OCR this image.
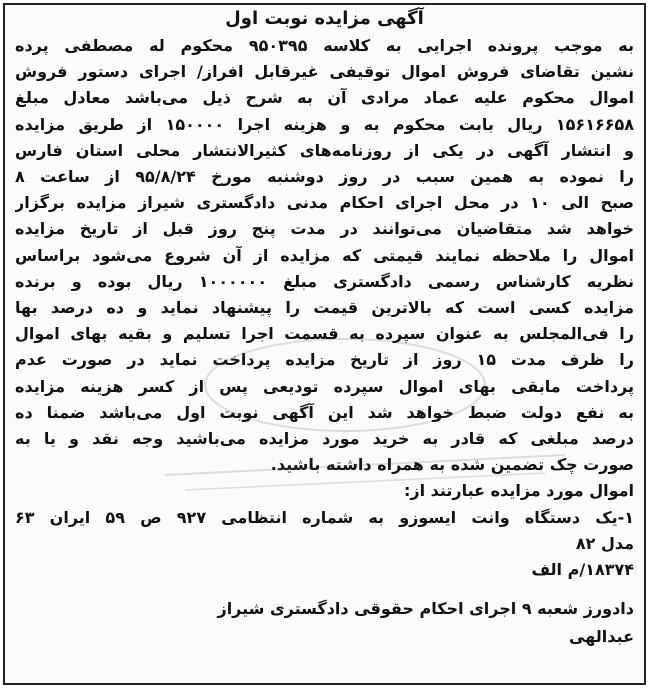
آگهی مزایده نوبت اول
به موجب پرونده اجرایی به کلاسه ۹۵۰۳۹۵ محکوم له مصطفی پرده
نشین تقاضای فروش اموال توقیفی غیرقابل افراز/ اجرای دستور فروش
اموال محکوم علیه عماد مرادی آن به شرح ذیل می‌باشد معادل مبلغ
۱۵۶۱۶۶۵۸ ریال بابت محکوم به و هزینه اجرا ۱۵۰۰۰۰ از طریق مزایده
و انتشار آگهی در یکی از روزنامه‌های کثیرالانتشار محلی استان فارس
را نموده به همین سبب در روز دوشنبه مورخ ۹۵/۸/۲۴ از ساعت ۸
صبح الی ۱۰ در محل اجرای احکام مدنی دادگستری شیراز مزایده برگزار
خواهد شد متقاضیان می‌توانند در مدت پنج روز قبل از تاریخ مزایده
اموال را ملاحظه نمایند قیمتی که مزایده از آن شروع می‌شود براساس
نظریه کارشناس رسمی دادگستری مبلغ ۱۰۰۰۰۰۰ ریال بوده و برنده
مزایده کسی است که بالاترین قیمت را پیشنهاد نماید و ده درصد بها
را فی‌المجلس به عنوان سپرده به قسمت اجرا تسلیم و بقیه بهای اموال
را ظرف مدت ۱۵ روز از تاریخ مزایده پرداخت نماید در صورت عدم
پرداخت مابقی بهای اموال سپرده تودیعی پس از کسر هزینه مزایده
به نفع دولت ضبط خواهد شد این آگهی نوبت اول می‌باشد ضمنا ده
درصد مبلغی که قادر به خرید مورد مزایده می‌باشید وجه نقد و یا به
صورت چک تضمین شده به همراه داشته باشید.
اموال مورد مزایده عبارتند از:
۱-یک دستگاه وانت ایسوزو به شماره انتظامی ۹۲۷ ص ۵۹ ایران ۶۳
مدل ۸۲
۱۸۳۷۴/م الف
دادورز شعبه ۹ اجرای احکام حقوقی دادگستری شیراز
عبدالهی
